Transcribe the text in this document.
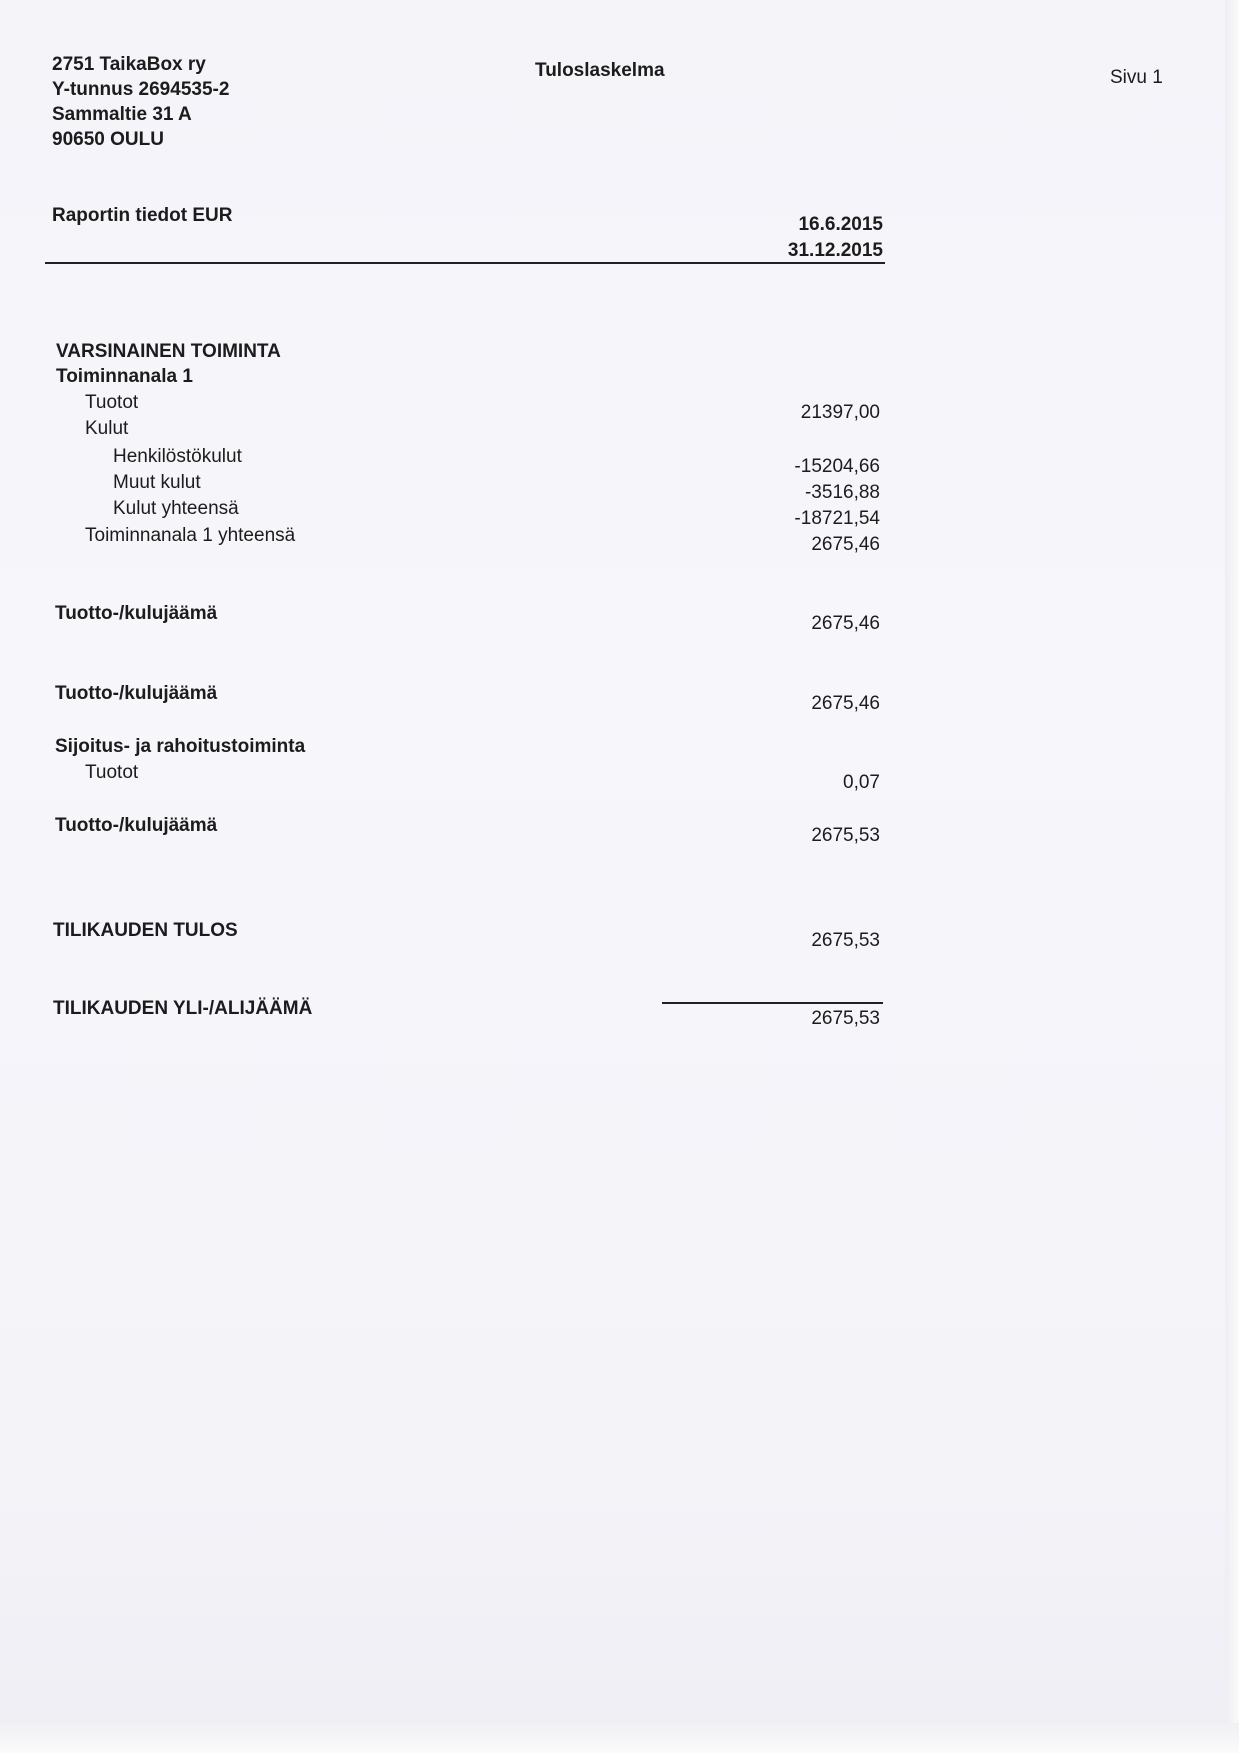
2751 TaikaBox ry
Y-tunnus 2694535-2
Sammaltie 31 A
90650 OULU
Tuloslaskelma	Sivu 1
Raportin tiedot EUR	16.6.2015
31.12.2015
VARSINAINEN TOIMINTA
Toiminnanala 1
Tuotot	21397,00
Kulut
Henkilöstökulut	-15204,66
Muut kulut	-3516,88
Kulut yhteensä	-18721,54
Toiminnanala 1 yhteensä	2675,46
Tuotto-/kulujäämä	2675,46
Tuotto-/kulujäämä	2675,46
Sijoitus- ja rahoitustoiminta
Tuotot	0,07
Tuotto-/kulujäämä	2675,53
TILIKAUDEN TULOS	2675,53
TILIKAUDEN YLI-/ALIJÄÄMÄ	2675,53
